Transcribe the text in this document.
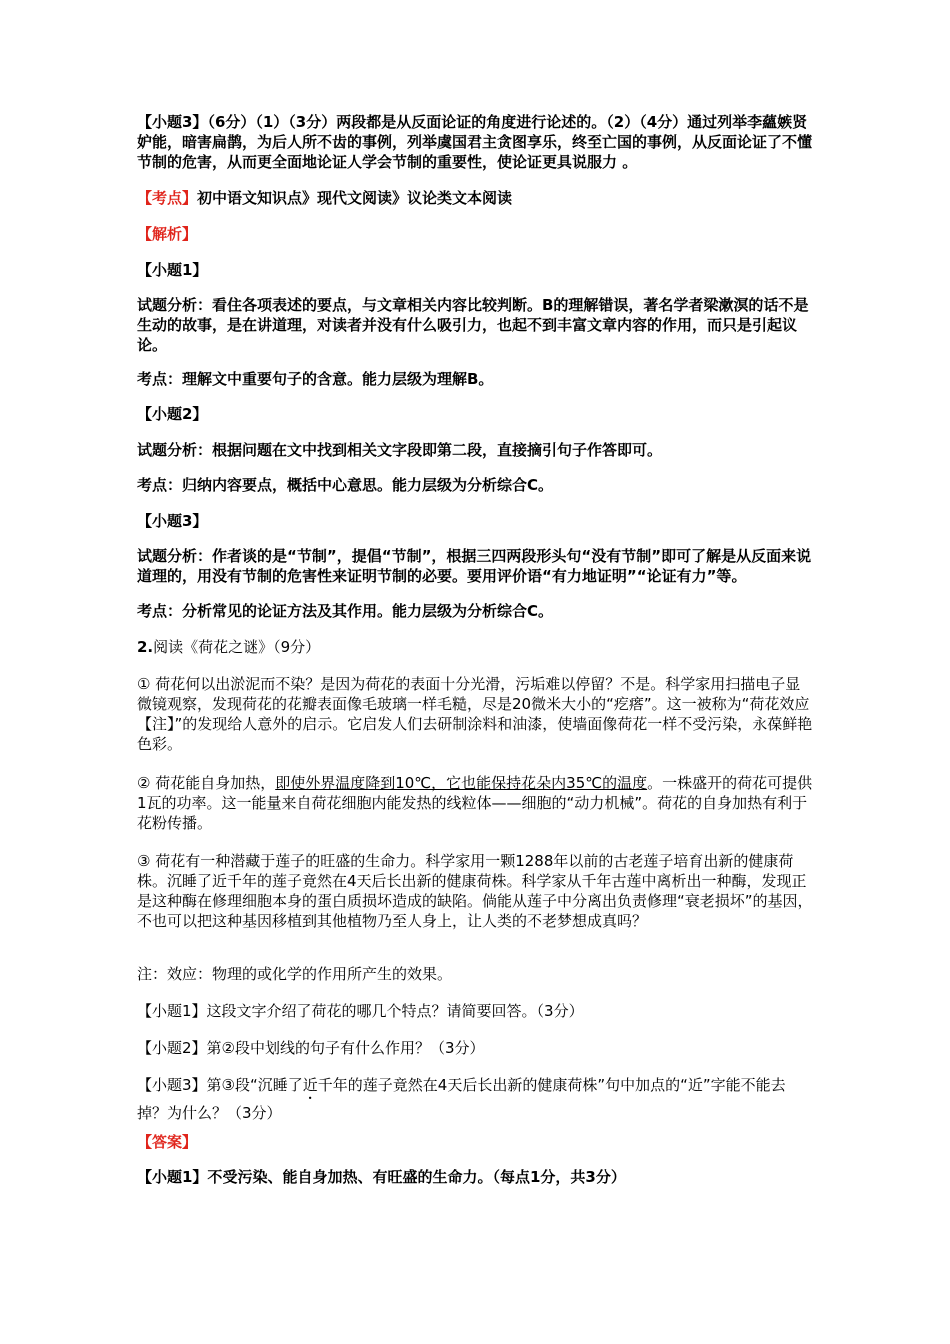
【小题3】（6分）（1）（3分）两段都是从反面论证的角度进行论述的。（2）（4分）通过列举李蘊嫉贤妒能，暗害扁鹊，为后人所不齿的事例，列举虞国君主贪图享乐，终至亡国的事例，从反面论证了不懂节制的危害，从而更全面地论证人学会节制的重要性，使论证更具说服力 。

【考点】初中语文知识点》现代文阅读》议论类文本阅读

【解析】

【小题1】

试题分析：看住各项表述的要点，与文章相关内容比较判断。B的理解错误，著名学者梁漱溟的话不是生动的故事，是在讲道理，对读者并没有什么吸引力，也起不到丰富文章内容的作用，而只是引起议论。

考点：理解文中重要句子的含意。能力层级为理解B。

【小题2】

试题分析：根据问题在文中找到相关文字段即第二段，直接摘引句子作答即可。

考点：归纳内容要点，概括中心意思。能力层级为分析综合C。

【小题3】

试题分析：作者谈的是“节制”，提倡“节制”，根据三四两段形头句“没有节制”即可了解是从反面来说道理的，用没有节制的危害性来证明节制的必要。要用评价语“有力地证明”“论证有力”等。

考点：分析常见的论证方法及其作用。能力层级为分析综合C。

2.阅读《荷花之谜》（9分）

① 荷花何以出淤泥而不染？是因为荷花的表面十分光滑，污垢难以停留？不是。科学家用扫描电子显微镜观察，发现荷花的花瓣表面像毛玻璃一样毛糙，尽是20微米大小的“疙瘩”。这一被称为“荷花效应【注】”的发现给人意外的启示。它启发人们去研制涂料和油漆，使墙面像荷花一样不受污染，永葆鲜艳色彩。

② 荷花能自身加热，即使外界温度降到10℃，它也能保持花朵内35℃的温度。一株盛开的荷花可提供1瓦的功率。这一能量来自荷花细胞内能发热的线粒体——细胞的“动力机械”。荷花的自身加热有利于花粉传播。

③ 荷花有一种潜藏于莲子的旺盛的生命力。科学家用一颗1288年以前的古老莲子培育出新的健康荷株。沉睡了近千年的莲子竟然在4天后长出新的健康荷株。科学家从千年古莲中离析出一种酶，发现正是这种酶在修理细胞本身的蛋白质损坏造成的缺陷。倘能从莲子中分离出负责修理“衰老损坏”的基因，不也可以把这种基因移植到其他植物乃至人身上，让人类的不老梦想成真吗？

注：效应：物理的或化学的作用所产生的效果。

【小题1】这段文字介绍了荷花的哪几个特点？请简要回答。（3分）

【小题2】第②段中划线的句子有什么作用？（3分）

【小题3】第③段“沉睡了近千年的莲子竟然在4天后长出新的健康荷株”句中加点的“近”字能不能去掉？为什么？（3分）

【答案】

【小题1】不受污染、能自身加热、有旺盛的生命力。（每点1分，共3分）
